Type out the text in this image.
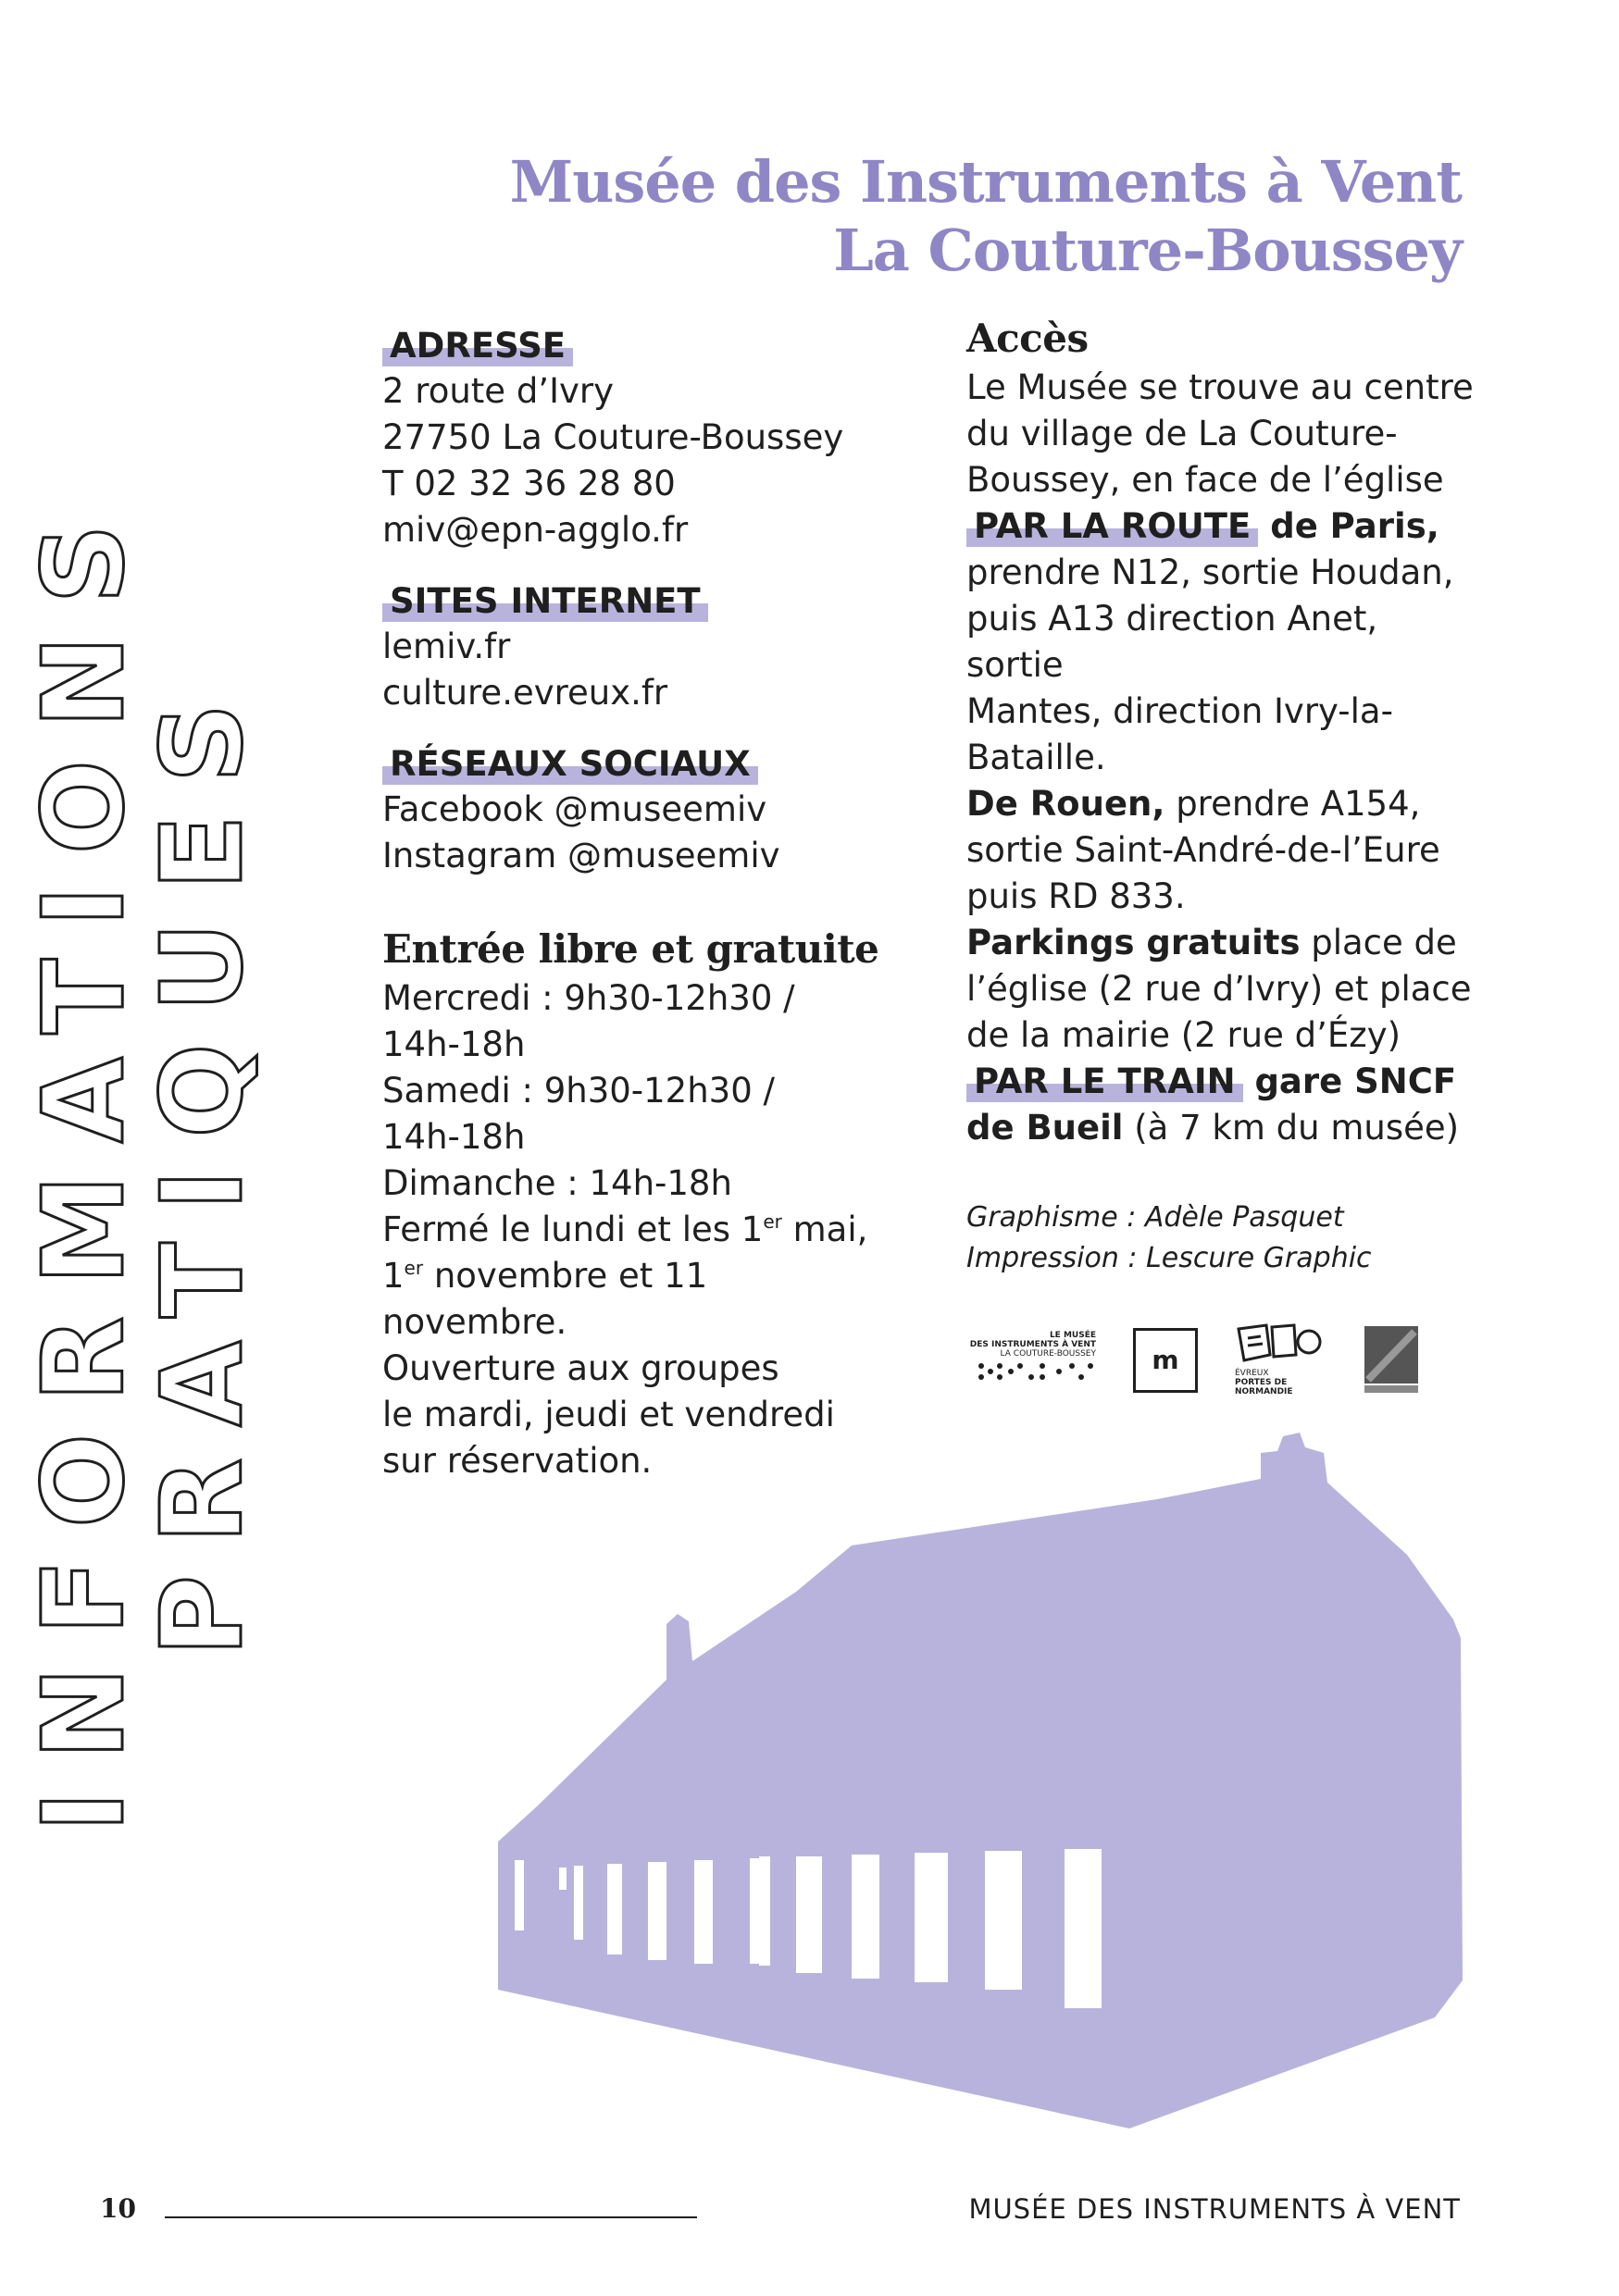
Musée des Instruments à Vent
La Couture-Boussey
INFORMATIONS
PRATIQUES
ADRESSE

2 route d’Ivry

27750 La Couture-Boussey

T 02 32 36 28 80

miv@epn-agglo.fr

SITES INTERNET

lemiv.fr

culture.evreux.fr

RÉSEAUX SOCIAUX

Facebook @museemiv

Instagram @museemiv

Entrée libre et gratuite

Mercredi : 9h30-12h30 /

14h-18h

Samedi : 9h30-12h30 /

14h-18h

Dimanche : 14h-18h

Fermé le lundi et les 1er mai,

1er novembre et 11 novembre.

Ouverture aux groupes

le mardi, jeudi et vendredi

sur réservation.

Accès

Le Musée se trouve au centre

du village de La Couture-

Boussey, en face de l’église

PAR LA ROUTE de Paris,

prendre N12, sortie Houdan,

puis A13 direction Anet, sortie

Mantes, direction Ivry-la-

Bataille.

De Rouen, prendre A154,

sortie Saint-André-de-l’Eure

puis RD 833.

Parkings gratuits place de

l’église (2 rue d’Ivry) et place

de la mairie (2 rue d’Ézy)

PAR LE TRAIN gare SNCF

de Bueil (à 7 km du musée)

Graphisme : Adèle Pasquet
Impression : Lescure Graphic
LE MUSÉE
DES INSTRUMENTS À VENT
LA COUTURE-BOUSSEY m	ÉVREUX
PORTES DE NORMANDIE
10	MUSÉE DES INSTRUMENTS À VENT
